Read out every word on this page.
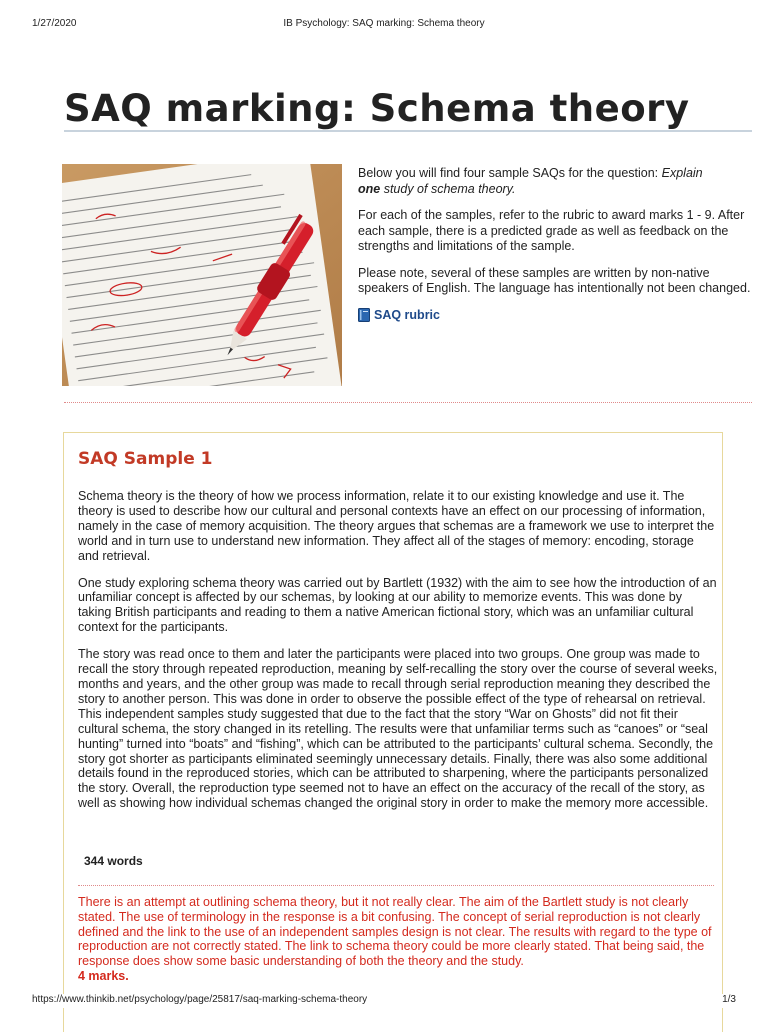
1/27/2020	IB Psychology: SAQ marking: Schema theory
SAQ marking: Schema theory

Below you will find four sample SAQs for the question: Explain
one study of schema theory.

For each of the samples, refer to the rubric to award marks 1 - 9. After each sample, there is a predicted grade as well as feedback on the strengths and limitations of the sample.

Please note, several of these samples are written by non-native speakers of English. The language has intentionally not been changed.

SAQ rubric
SAQ Sample 1

Schema theory is the theory of how we process information, relate it to our existing knowledge and use it. The theory is used to describe how our cultural and personal contexts have an effect on our processing of information, namely in the case of memory acquisition. The theory argues that schemas are a framework we use to interpret the world and in turn use to understand new information. They affect all of the stages of memory: encoding, storage and retrieval.

One study exploring schema theory was carried out by Bartlett (1932) with the aim to see how the introduction of an unfamiliar concept is affected by our schemas, by looking at our ability to memorize events. This was done by taking British participants and reading to them a native American fictional story, which was an unfamiliar cultural context for the participants.

The story was read once to them and later the participants were placed into two groups. One group was made to recall the story through repeated reproduction, meaning by self-recalling the story over the course of several weeks, months and years, and the other group was made to recall through serial reproduction meaning they described the story to another person. This was done in order to observe the possible effect of the type of rehearsal on retrieval. This independent samples study suggested that due to the fact that the story “War on Ghosts” did not fit their cultural schema, the story changed in its retelling. The results were that unfamiliar terms such as “canoes” or “seal hunting” turned into “boats” and “fishing”, which can be attributed to the participants’ cultural schema. Secondly, the story got shorter as participants eliminated seemingly unnecessary details. Finally, there was also some additional details found in the reproduced stories, which can be attributed to sharpening, where the participants personalized the story. Overall, the reproduction type seemed not to have an effect on the accuracy of the recall of the story, as well as showing how individual schemas changed the original story in order to make the memory more accessible.

344 words
There is an attempt at outlining schema theory, but it not really clear. The aim of the Bartlett study is not clearly stated. The use of terminology in the response is a bit confusing. The concept of serial reproduction is not clearly defined and the link to the use of an independent samples design is not clear. The results with regard to the type of reproduction are not correctly stated. The link to schema theory could be more clearly stated. That being said, the response does show some basic understanding of both the theory and the study.
4 marks.
https://www.thinkib.net/psychology/page/25817/saq-marking-schema-theory	1/3
